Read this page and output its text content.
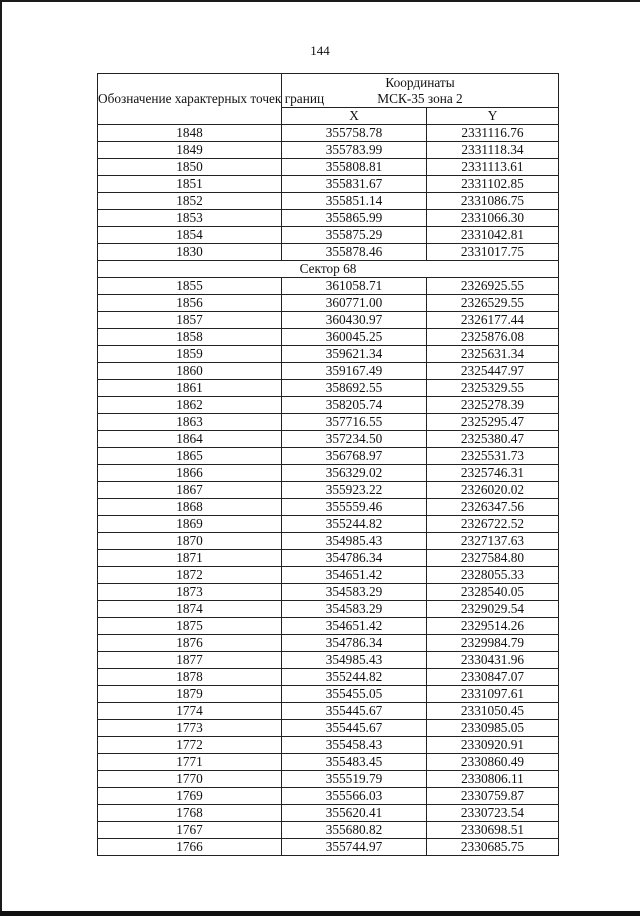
144
Обозначение характерных точек границ	Координаты
МСК-35 зона 2	
	X	Y
1848	355758.78	2331116.76
1849	355783.99	2331118.34
1850	355808.81	2331113.61
1851	355831.67	2331102.85
1852	355851.14	2331086.75
1853	355865.99	2331066.30
1854	355875.29	2331042.81
1830	355878.46	2331017.75
Сектор 68		
1855	361058.71	2326925.55
1856	360771.00	2326529.55
1857	360430.97	2326177.44
1858	360045.25	2325876.08
1859	359621.34	2325631.34
1860	359167.49	2325447.97
1861	358692.55	2325329.55
1862	358205.74	2325278.39
1863	357716.55	2325295.47
1864	357234.50	2325380.47
1865	356768.97	2325531.73
1866	356329.02	2325746.31
1867	355923.22	2326020.02
1868	355559.46	2326347.56
1869	355244.82	2326722.52
1870	354985.43	2327137.63
1871	354786.34	2327584.80
1872	354651.42	2328055.33
1873	354583.29	2328540.05
1874	354583.29	2329029.54
1875	354651.42	2329514.26
1876	354786.34	2329984.79
1877	354985.43	2330431.96
1878	355244.82	2330847.07
1879	355455.05	2331097.61
1774	355445.67	2331050.45
1773	355445.67	2330985.05
1772	355458.43	2330920.91
1771	355483.45	2330860.49
1770	355519.79	2330806.11
1769	355566.03	2330759.87
1768	355620.41	2330723.54
1767	355680.82	2330698.51
1766	355744.97	2330685.75
